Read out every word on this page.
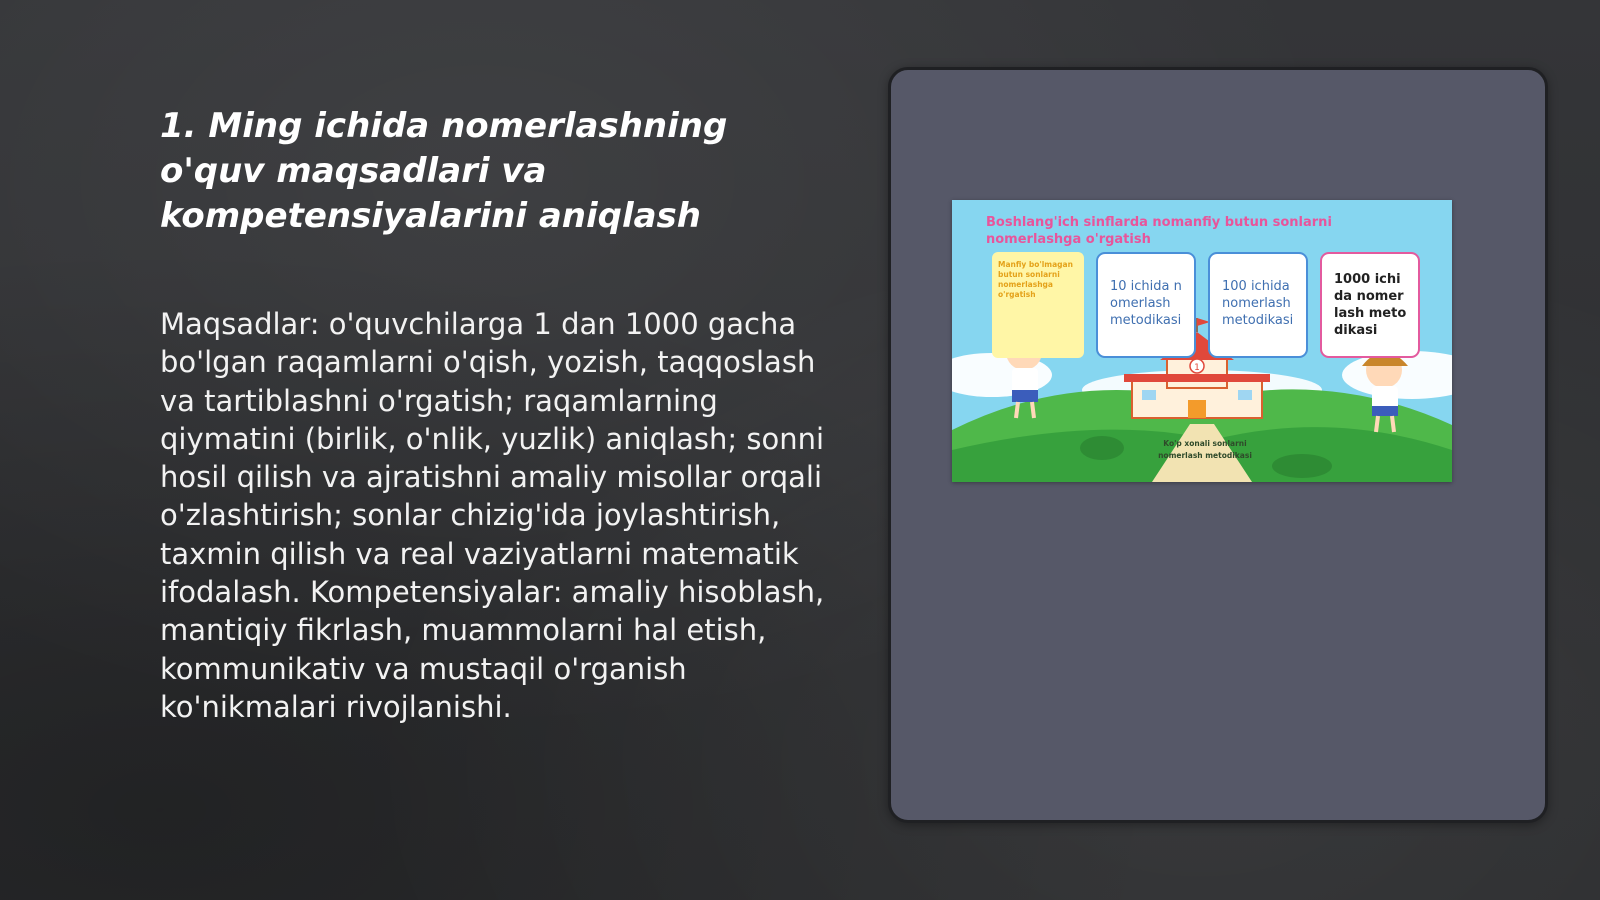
1. Ming ichida nomerlashning o'quv maqsadlari va kompetensiyalarini aniqlash

Maqsadlar: o'quvchilarga 1 dan 1000 gacha bo'lgan raqamlarni o'qish, yozish, taqqoslash va tartiblashni o'rgatish; raqamlarning qiymatini (birlik, o'nlik, yuzlik) aniqlash; sonni hosil qilish va ajratishni amaliy misollar orqali o'zlashtirish; sonlar chizig'ida joylashtirish, taxmin qilish va real vaziyatlarni matematik ifodalash. Kompetensiyalar: amaliy hisoblash, mantiqiy fikrlash, muammolarni hal etish, kommunikativ va mustaqil o'rganish ko'nikmalari rivojlanishi.

1

Boshlang'ich sinflarda nomanfiy butun sonlarni nomerlashga o'rgatish

Manfiy bo'lmagan butun sonlarni nomerlashga o'rgatish
10 ichida nomerlash metodikasi
100 ichida nomerlash metodikasi
1000 ichida nomerlash metodikasi

Ko'p xonali sonlarni nomerlash metodikasi
